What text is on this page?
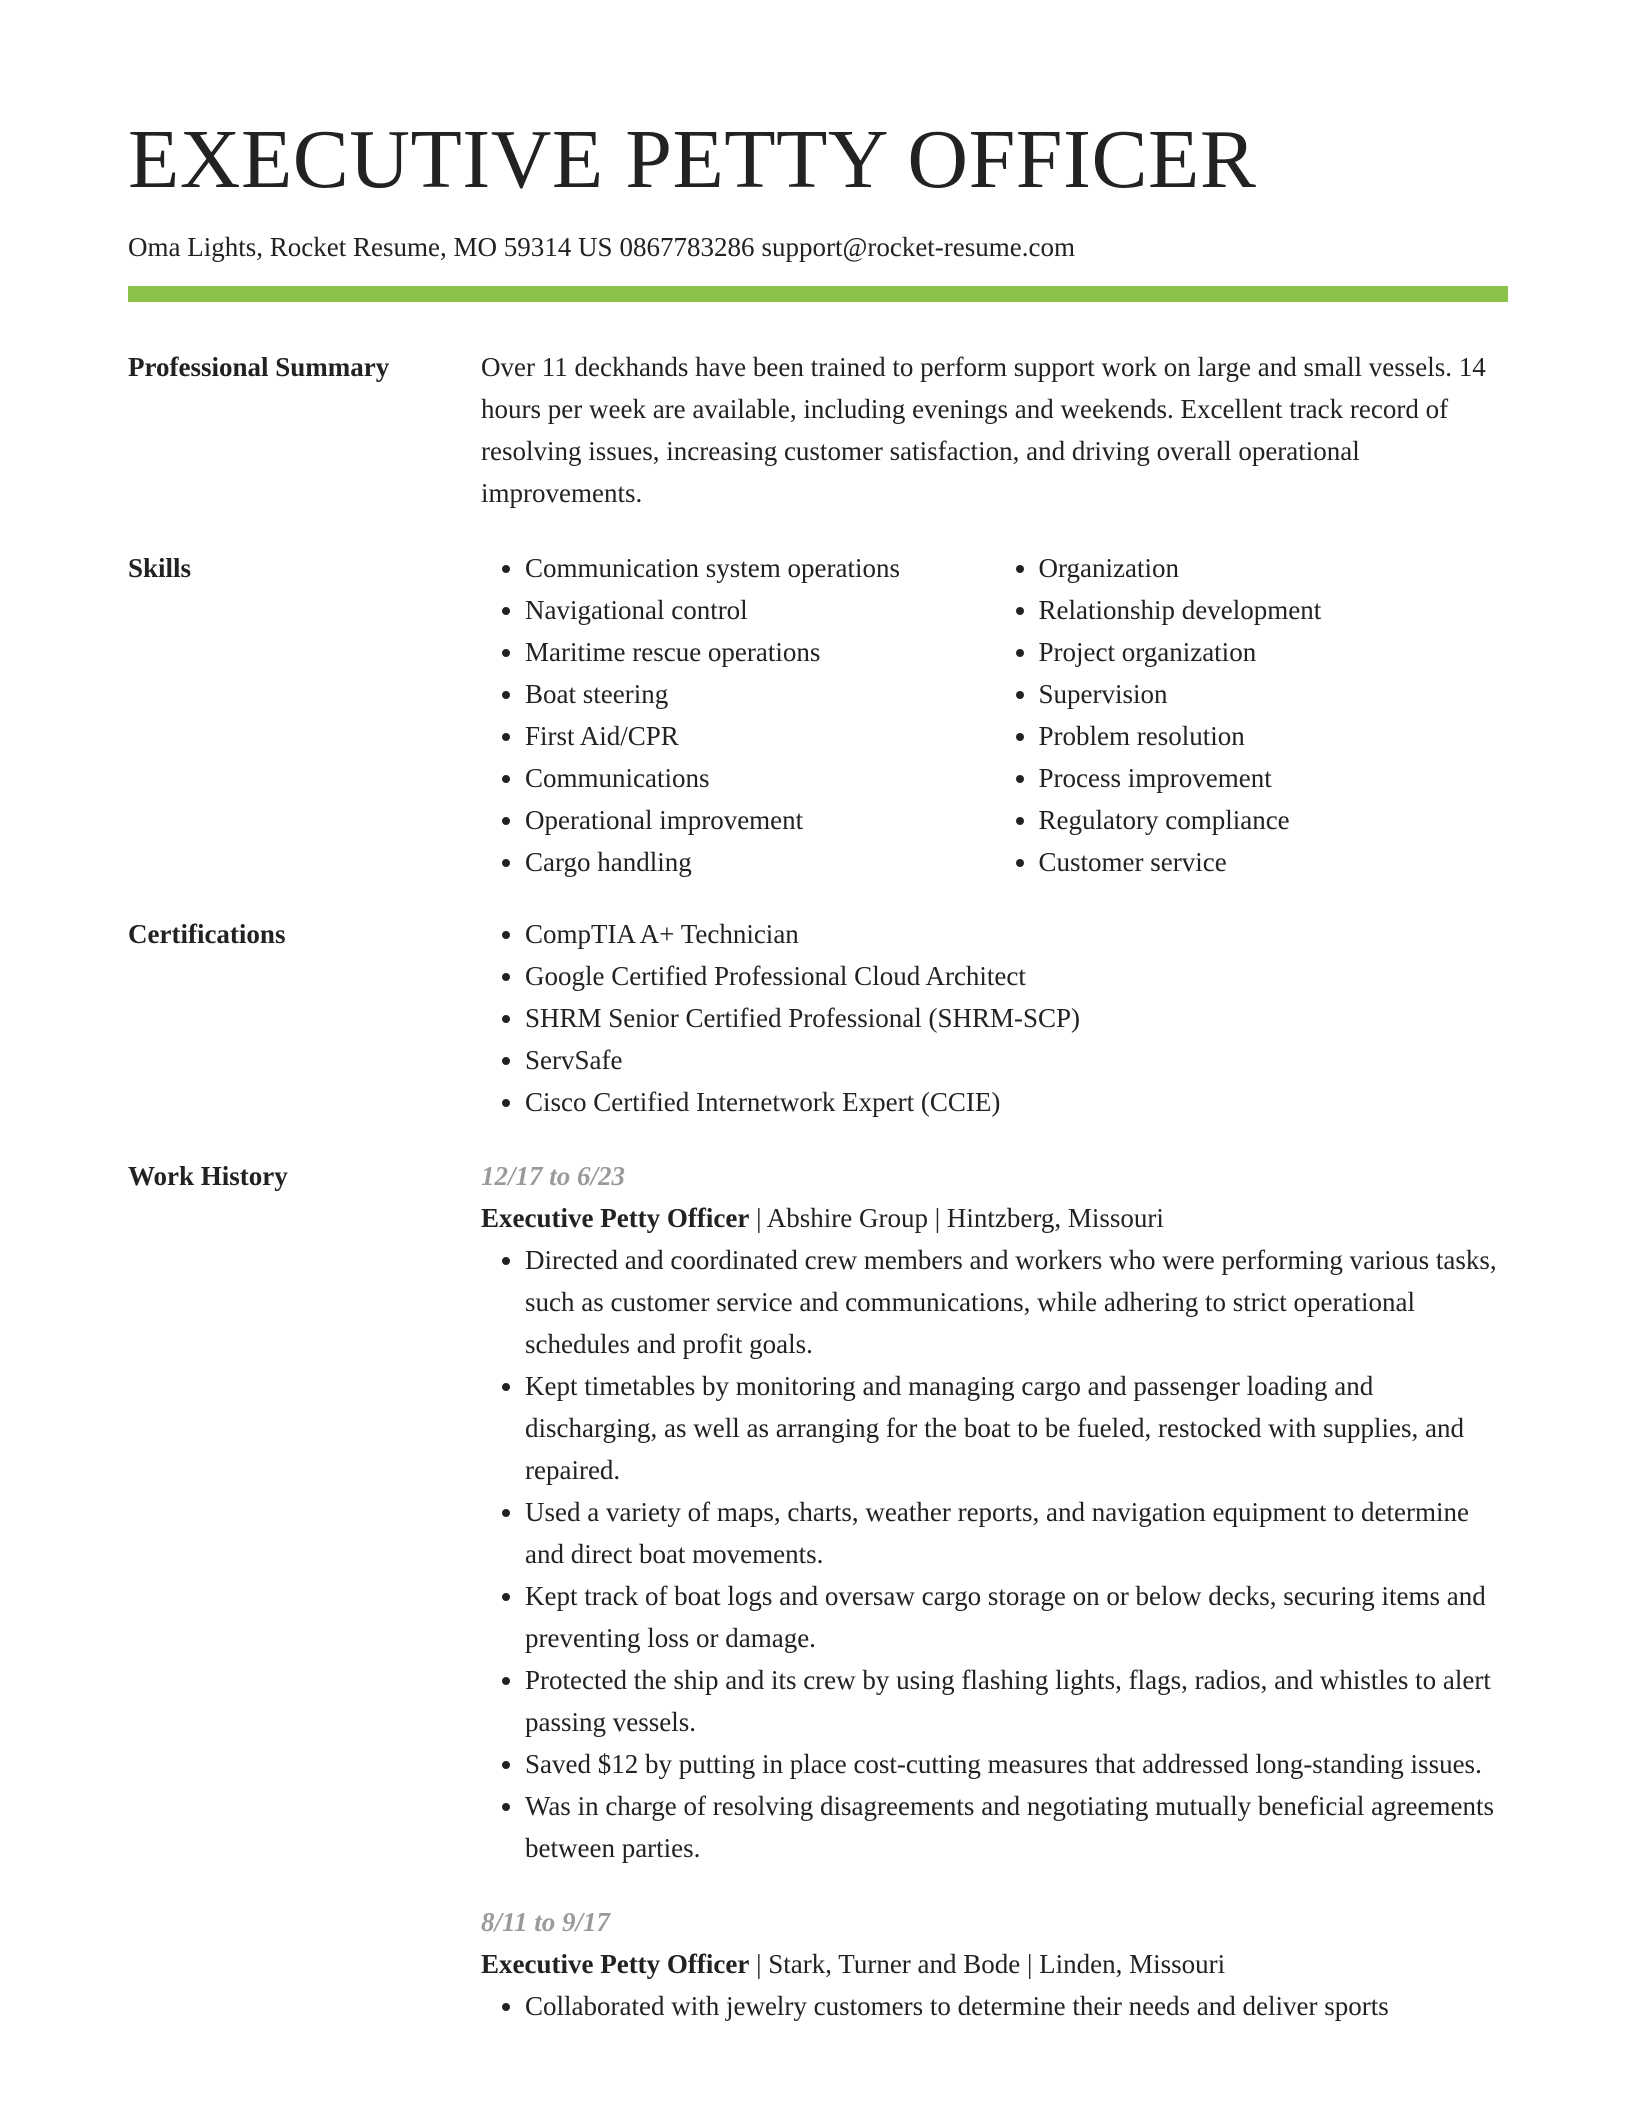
EXECUTIVE PETTY OFFICER
Oma Lights, Rocket Resume, MO 59314 US 0867783286 support@rocket-resume.com
Professional Summary	Over 11 deckhands have been trained to perform support work on large and small vessels. 14 hours per week are available, including evenings and weekends. Excellent track record of resolving issues, increasing customer satisfaction, and driving overall operational improvements.

Skills	• Communication system operations
• Navigational control
• Maritime rescue operations
• Boat steering
• First Aid/CPR
• Communications
• Operational improvement
• Cargo handling
• Organization
• Relationship development
• Project organization
• Supervision
• Problem resolution
• Process improvement
• Regulatory compliance
• Customer service
Certifications	• CompTIA A+ Technician
• Google Certified Professional Cloud Architect
• SHRM Senior Certified Professional (SHRM-SCP)
• ServSafe
• Cisco Certified Internetwork Expert (CCIE)
Work History	12/17 to 6/23
Executive Petty Officer | Abshire Group | Hintzberg, Missouri
• Directed and coordinated crew members and workers who were performing various tasks, such as customer service and communications, while adhering to strict operational schedules and profit goals.
• Kept timetables by monitoring and managing cargo and passenger loading and discharging, as well as arranging for the boat to be fueled, restocked with supplies, and repaired.
• Used a variety of maps, charts, weather reports, and navigation equipment to determine and direct boat movements.
• Kept track of boat logs and oversaw cargo storage on or below decks, securing items and preventing loss or damage.
• Protected the ship and its crew by using flashing lights, flags, radios, and whistles to alert passing vessels.
• Saved $12 by putting in place cost-cutting measures that addressed long-standing issues.
• Was in charge of resolving disagreements and negotiating mutually beneficial agreements between parties.
8/11 to 9/17
Executive Petty Officer | Stark, Turner and Bode | Linden, Missouri
• Collaborated with jewelry customers to determine their needs and deliver sports
